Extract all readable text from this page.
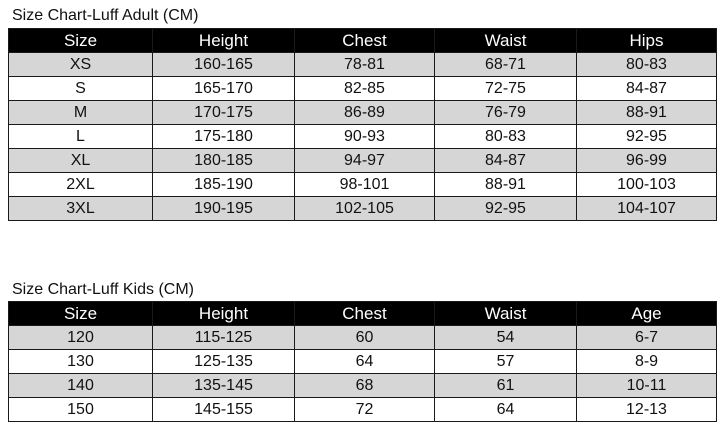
Size Chart-Luff Adult (CM)
Size	Height	Chest	Waist	Hips
XS	160-165	78-81	68-71	80-83
S	165-170	82-85	72-75	84-87
M	170-175	86-89	76-79	88-91
L	175-180	90-93	80-83	92-95
XL	180-185	94-97	84-87	96-99
2XL	185-190	98-101	88-91	100-103
3XL	190-195	102-105	92-95	104-107
Size Chart-Luff Kids (CM)
Size	Height	Chest	Waist	Age
120	115-125	60	54	6-7
130	125-135	64	57	8-9
140	135-145	68	61	10-11
150	145-155	72	64	12-13
